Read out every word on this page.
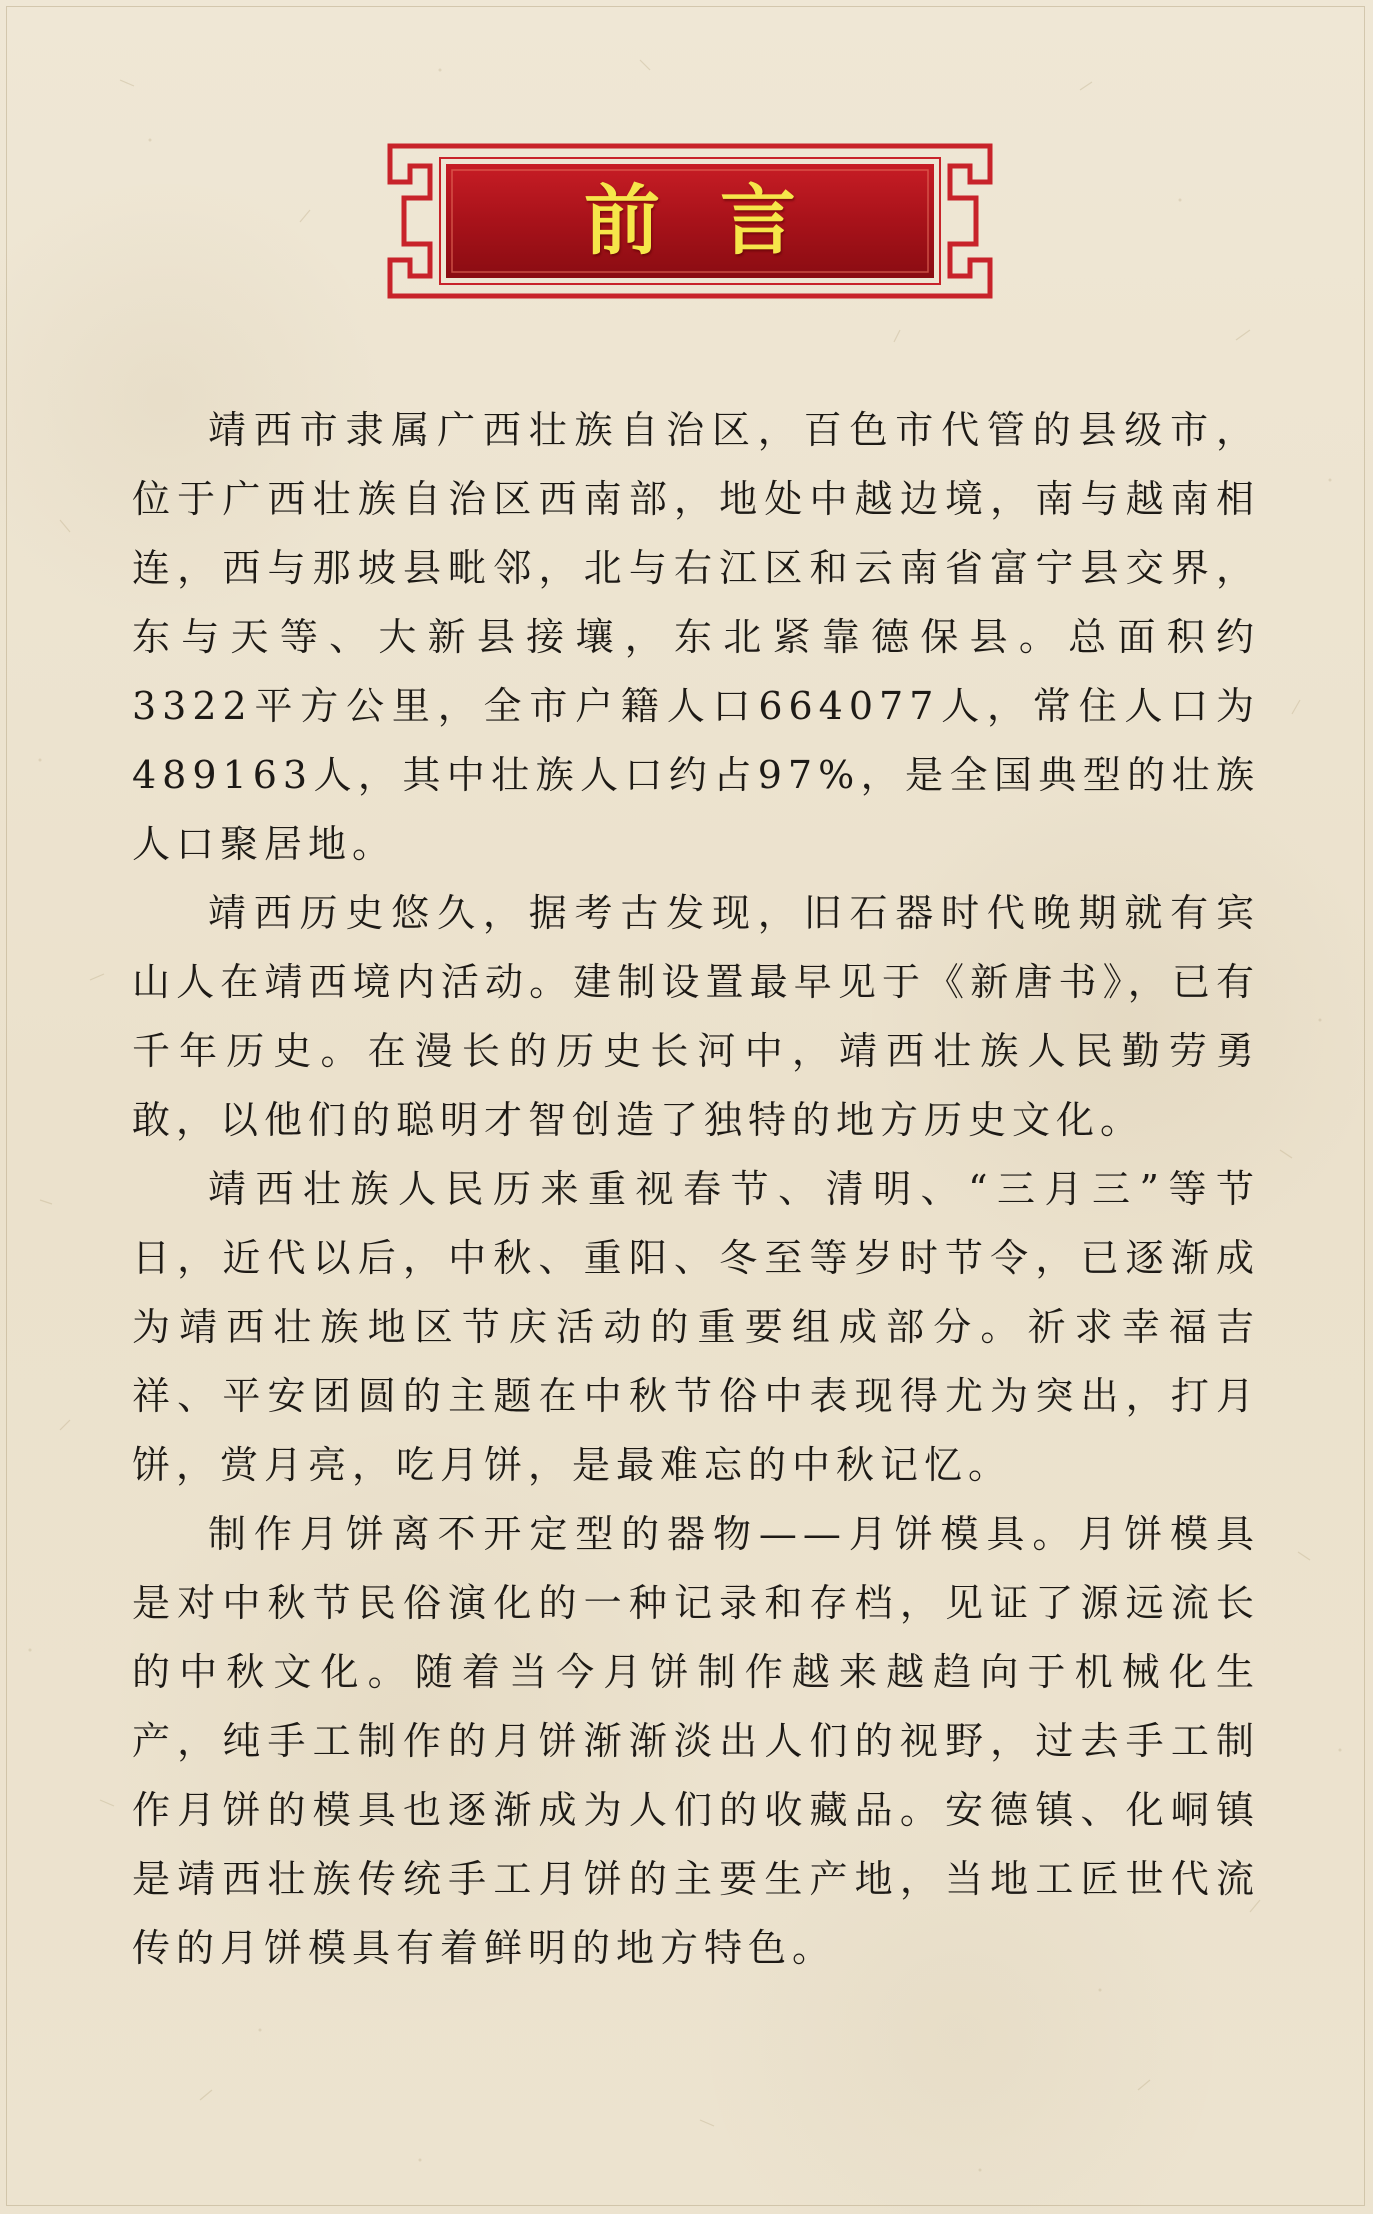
前言

靖西市隶属广西壮族自治区，百色市代管的县级市，位于广西壮族自治区西南部，地处中越边境，南与越南相连，西与那坡县毗邻，北与右江区和云南省富宁县交界，东与天等、大新县接壤，东北紧靠德保县。总面积约3322平方公里，全市户籍人口664077人，常住人口为489163人，其中壮族人口约占97%，是全国典型的壮族人口聚居地。

靖西历史悠久，据考古发现，旧石器时代晚期就有宾山人在靖西境内活动。建制设置最早见于《新唐书》，已有千年历史。在漫长的历史长河中，靖西壮族人民勤劳勇敢，以他们的聪明才智创造了独特的地方历史文化。

靖西壮族人民历来重视春节、清明、“三月三”等节日，近代以后，中秋、重阳、冬至等岁时节令，已逐渐成为靖西壮族地区节庆活动的重要组成部分。祈求幸福吉祥、平安团圆的主题在中秋节俗中表现得尤为突出，打月饼，赏月亮，吃月饼，是最难忘的中秋记忆。

制作月饼离不开定型的器物——月饼模具。月饼模具是对中秋节民俗演化的一种记录和存档，见证了源远流长的中秋文化。随着当今月饼制作越来越趋向于机械化生产，纯手工制作的月饼渐渐淡出人们的视野，过去手工制作月饼的模具也逐渐成为人们的收藏品。安德镇、化峒镇是靖西壮族传统手工月饼的主要生产地，当地工匠世代流传的月饼模具有着鲜明的地方特色。
